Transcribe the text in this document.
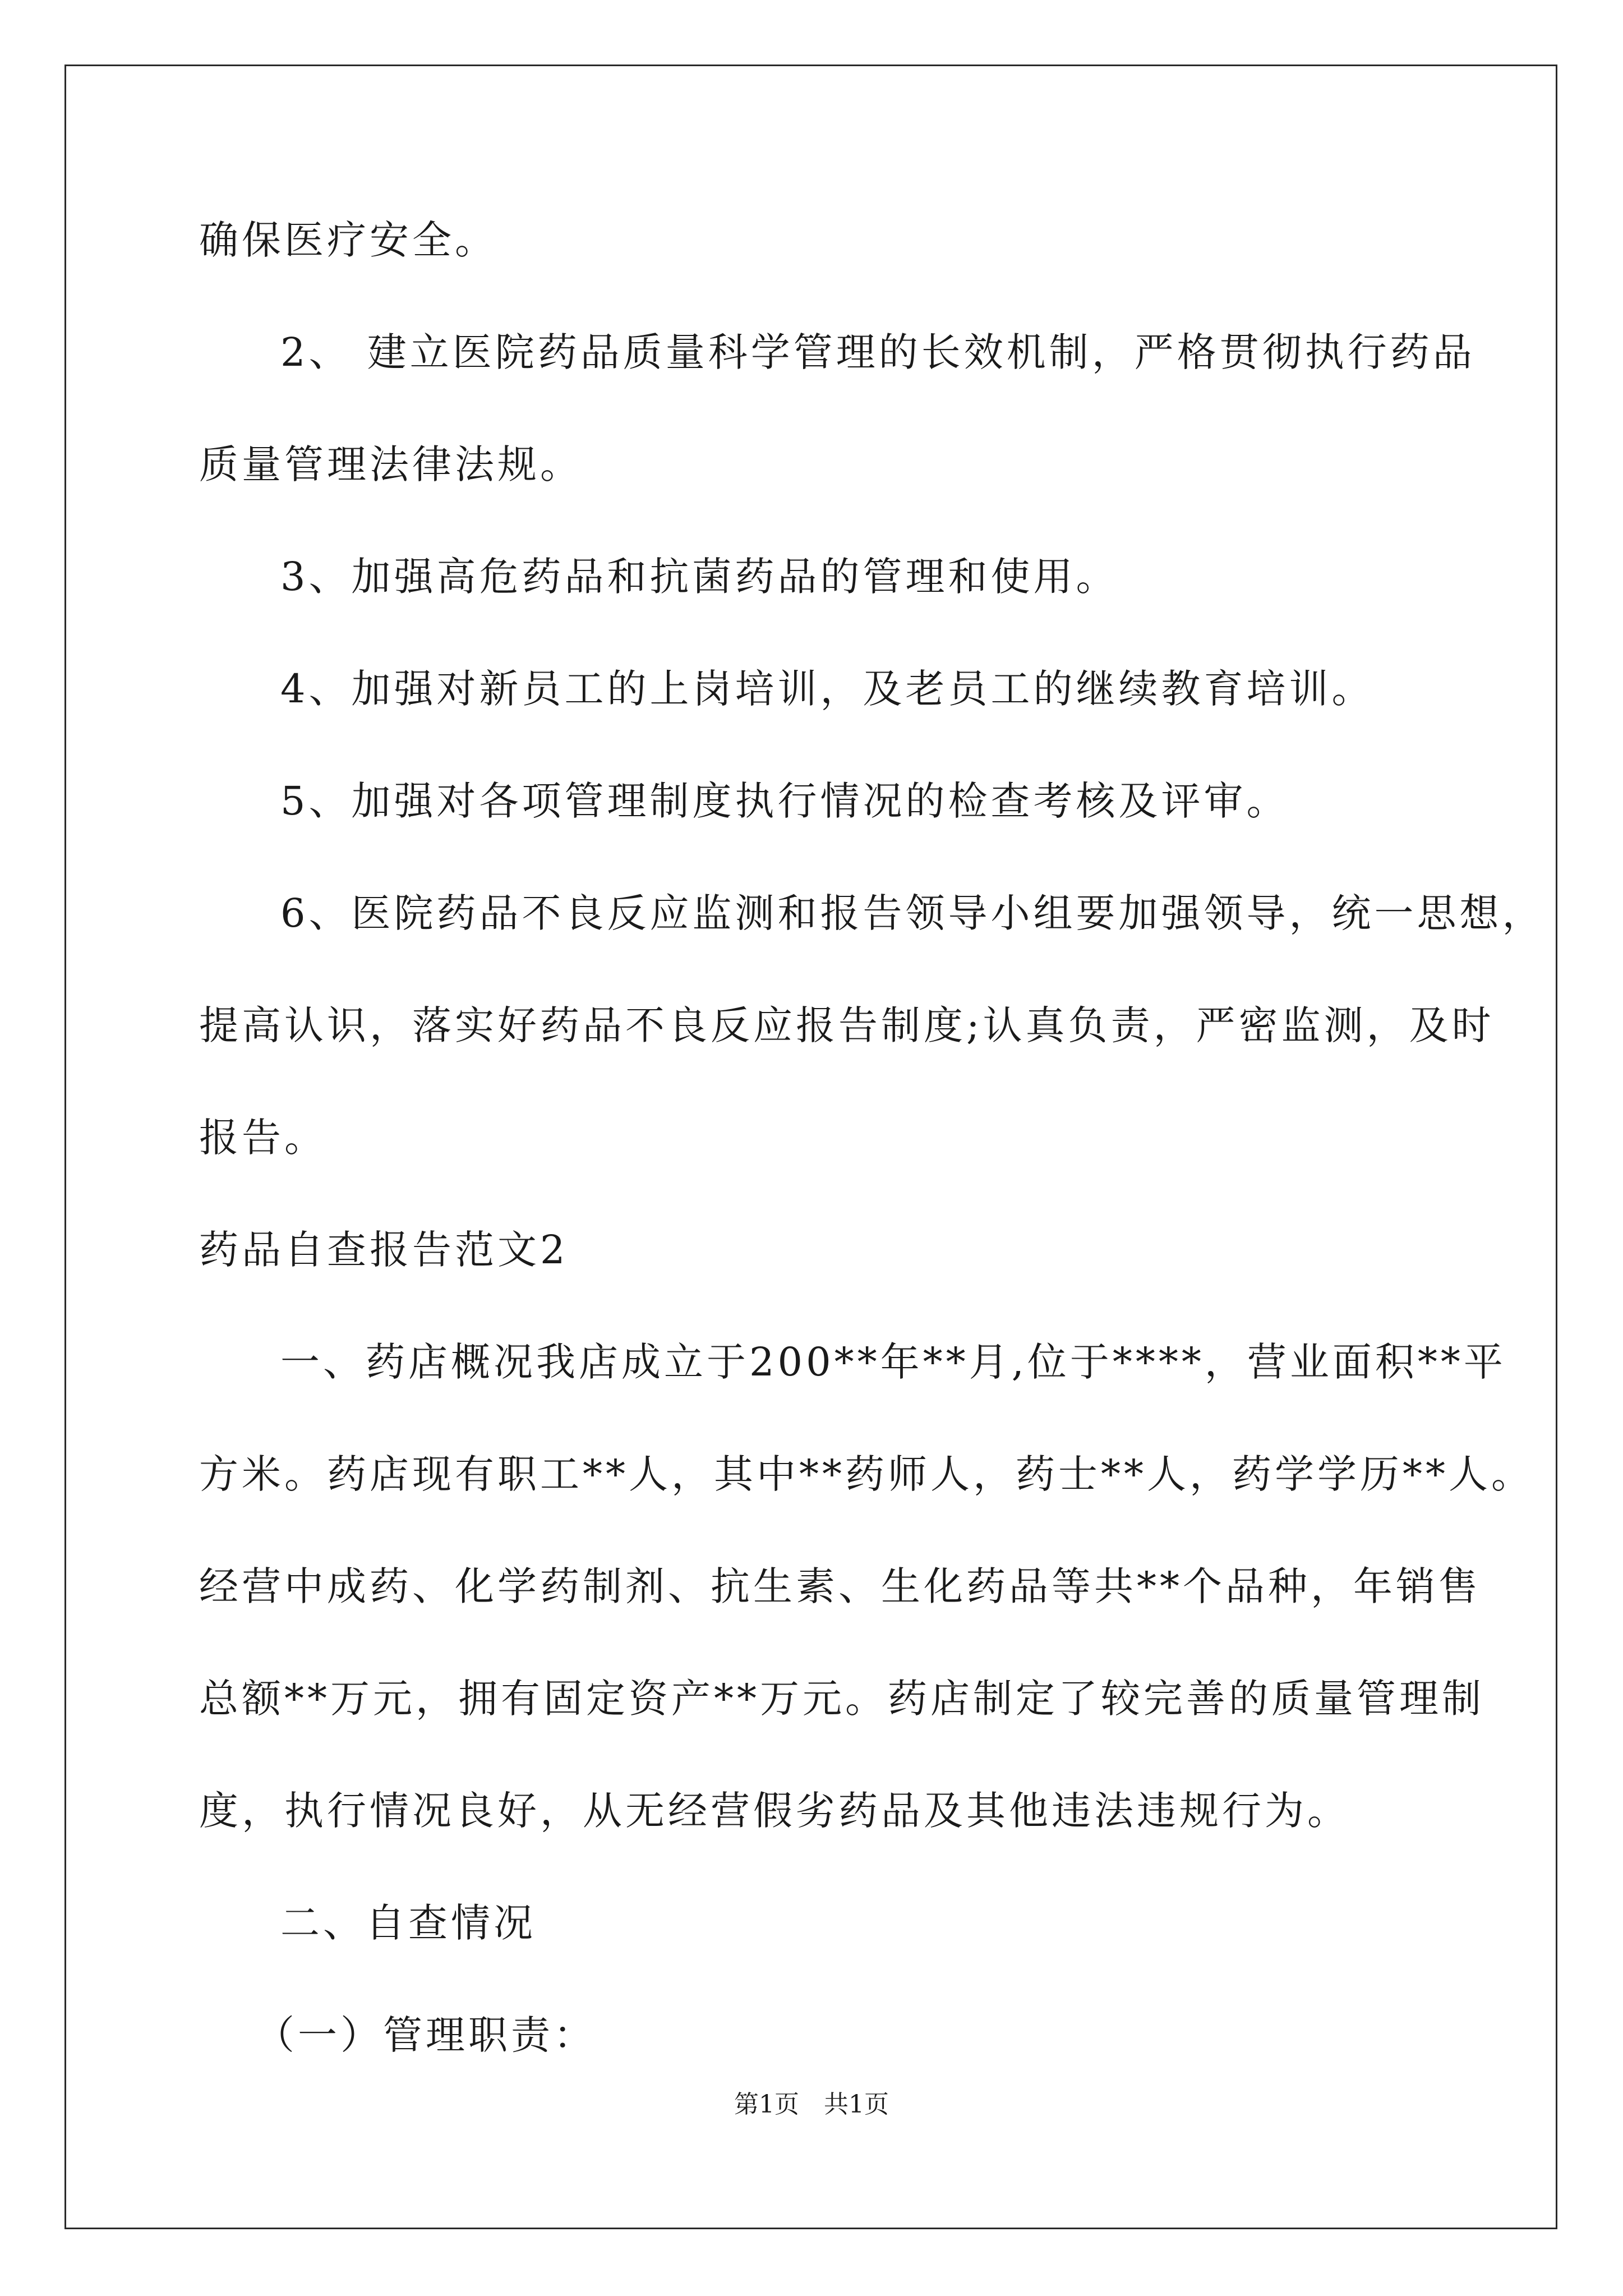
确保医疗安全。
2、 建立医院药品质量科学管理的长效机制，严格贯彻执行药品
质量管理法律法规。
3、加强高危药品和抗菌药品的管理和使用。
4、加强对新员工的上岗培训，及老员工的继续教育培训。
5、加强对各项管理制度执行情况的检查考核及评审。
6、医院药品不良反应监测和报告领导小组要加强领导，统一思想，
提高认识，落实好药品不良反应报告制度;认真负责，严密监测，及时
报告。
药品自查报告范文2
一、药店概况我店成立于200**年**月,位于****，营业面积**平
方米。药店现有职工**人，其中**药师人，药士**人，药学学历**人。
经营中成药、化学药制剂、抗生素、生化药品等共**个品种，年销售
总额**万元，拥有固定资产**万元。药店制定了较完善的质量管理制
度，执行情况良好，从无经营假劣药品及其他违法违规行为。
二、自查情况
（一）管理职责：
第1页　共1页
